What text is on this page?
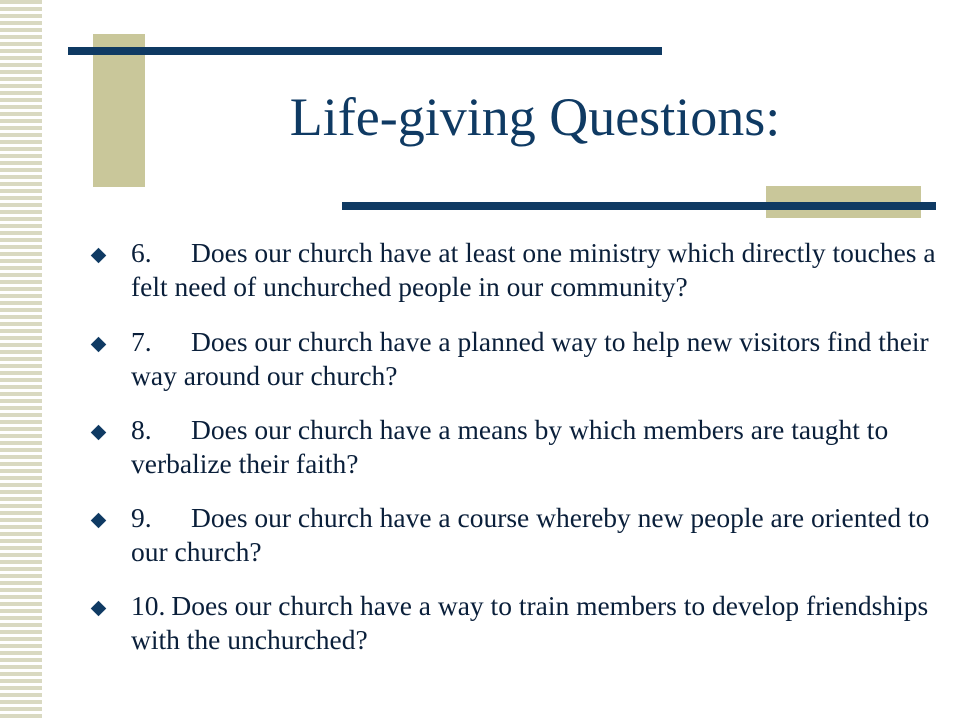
Life-giving Questions:
6. Does our church have at least one ministry which directly touches a felt need of unchurched people in our community?
7. Does our church have a planned way to help new visitors find their way around our church?
8. Does our church have a means by which members are taught to verbalize their faith?
9. Does our church have a course whereby new people are oriented to our church?
10. Does our church have a way to train members to develop friendships with the unchurched?
